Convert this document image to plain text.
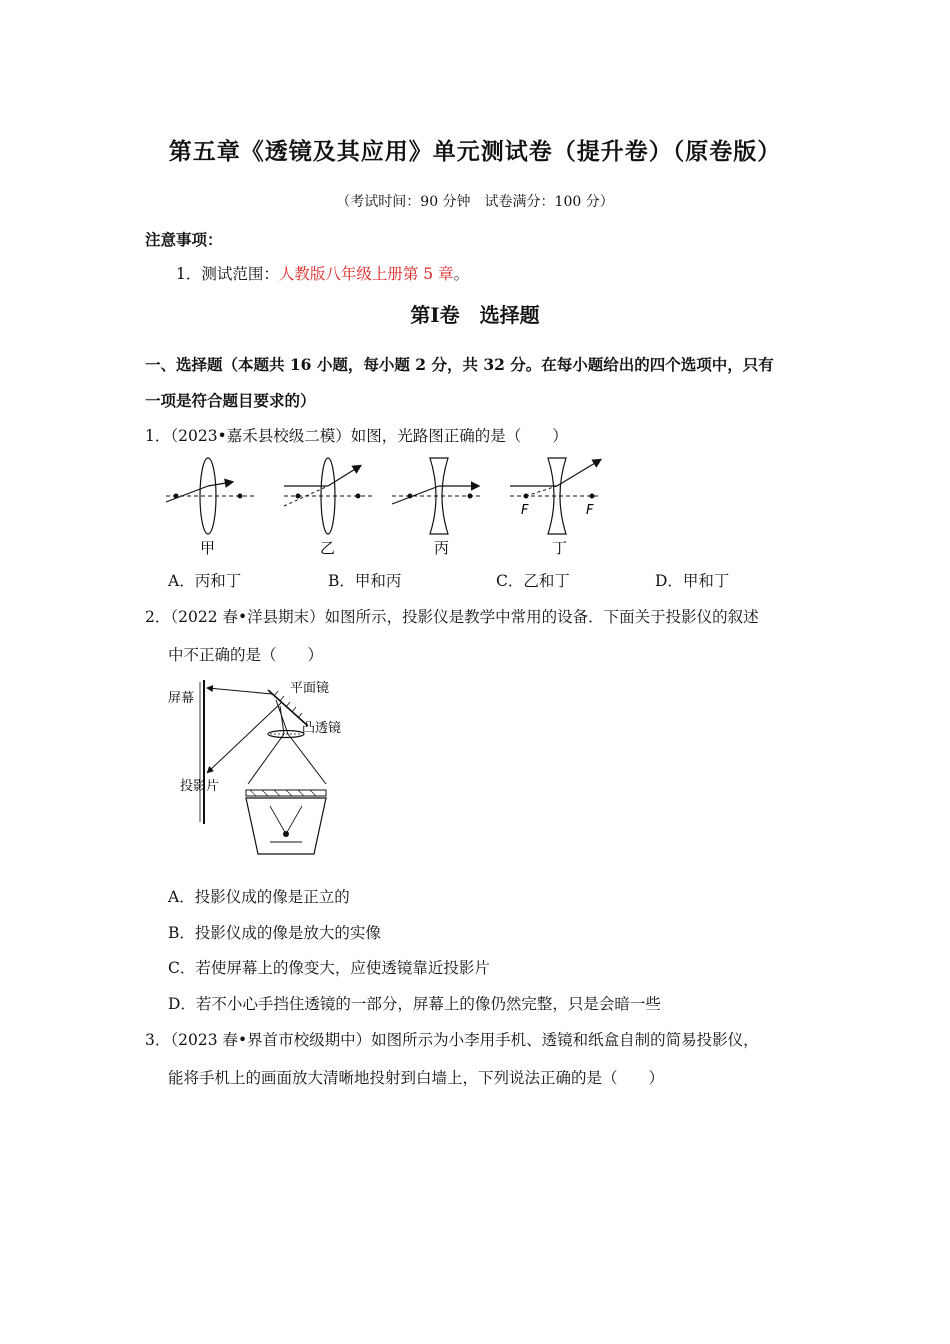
第五章《透镜及其应用》单元测试卷（提升卷）（原卷版）
（考试时间：90 分钟　试卷满分：100 分）
注意事项：
1．测试范围：人教版八年级上册第 5 章。
第Ⅰ卷　选择题
一、选择题（本题共 16 小题，每小题 2 分，共 32 分。在每小题给出的四个选项中，只有
一项是符合题目要求的）
1．（2023•嘉禾县校级二模）如图，光路图正确的是（　　）
甲	乙	丙
F	F
丁
A．丙和丁	B．甲和丙	C．乙和丁	D．甲和丁
2．（2022 春•洋县期末）如图所示，投影仪是教学中常用的设备．下面关于投影仪的叙述
中不正确的是（　　）
屏幕
平面镜
凸透镜
投影片
A．投影仪成的像是正立的
B．投影仪成的像是放大的实像
C．若使屏幕上的像变大，应使透镜靠近投影片
D．若不小心手挡住透镜的一部分，屏幕上的像仍然完整，只是会暗一些
3．（2023 春•界首市校级期中）如图所示为小李用手机、透镜和纸盒自制的简易投影仪，
能将手机上的画面放大清晰地投射到白墙上，下列说法正确的是（　　）
